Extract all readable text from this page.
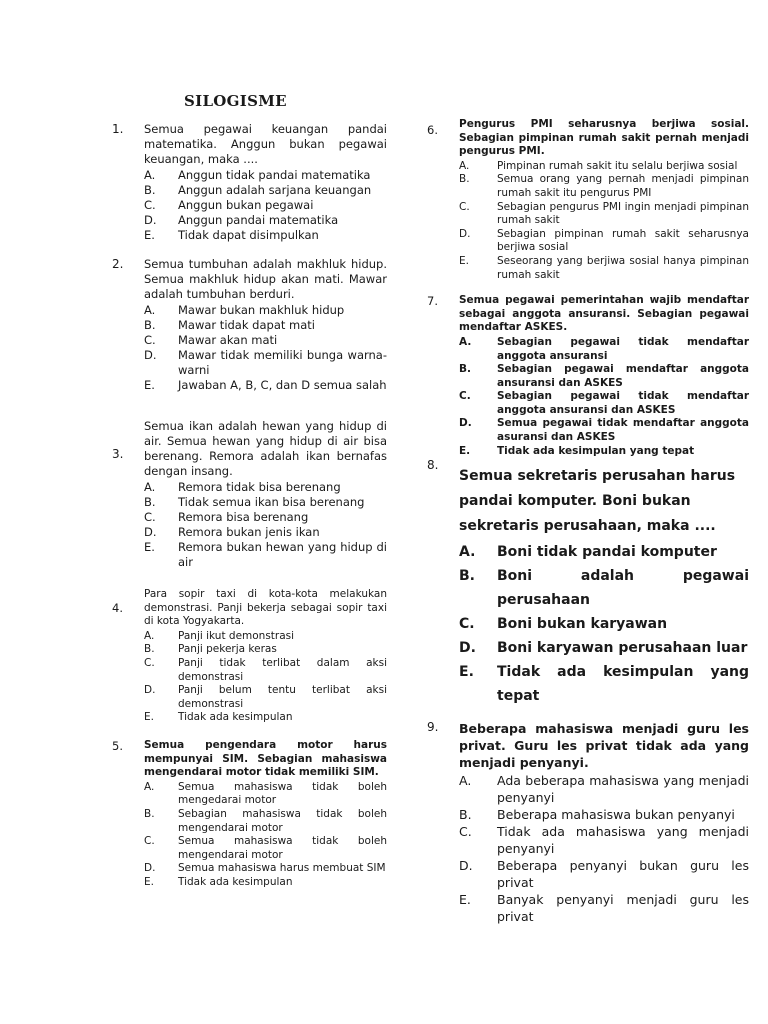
SILOGISME
1. Semua pegawai keuangan pandai matematika. Anggun bukan pegawai keuangan, maka ....
A. Anggun tidak pandai matematika
B. Anggun adalah sarjana keuangan
C. Anggun bukan pegawai
D. Anggun pandai matematika
E. Tidak dapat disimpulkan
2. Semua tumbuhan adalah makhluk hidup. Semua makhluk hidup akan mati. Mawar adalah tumbuhan berduri.
A. Mawar bukan makhluk hidup
B. Mawar tidak dapat mati
C. Mawar akan mati
D. Mawar tidak memiliki bunga warna-warni
E. Jawaban A, B, C, dan D semua salah
3.
Semua ikan adalah hewan yang hidup di air. Semua hewan yang hidup di air bisa berenang. Remora adalah ikan bernafas dengan insang.
A. Remora tidak bisa berenang
B. Tidak semua ikan bisa berenang
C. Remora bisa berenang
D. Remora bukan jenis ikan
E. Remora bukan hewan yang hidup di air
4.
Para sopir taxi di kota-kota melakukan demonstrasi. Panji bekerja sebagai sopir taxi di kota Yogyakarta.
A. Panji ikut demonstrasi
B. Panji pekerja keras
C. Panji tidak terlibat dalam aksi demonstrasi
D. Panji belum tentu terlibat aksi demonstrasi
E. Tidak ada kesimpulan
5. Semua pengendara motor harus mempunyai SIM. Sebagian mahasiswa mengendarai motor tidak memiliki SIM.
A. Semua mahasiswa tidak boleh mengedarai motor
B. Sebagian mahasiswa tidak boleh mengendarai motor
C. Semua mahasiswa tidak boleh mengendarai motor
D. Semua mahasiswa harus membuat SIM
E. Tidak ada kesimpulan
6. Pengurus PMI seharusnya berjiwa sosial. Sebagian pimpinan rumah sakit pernah menjadi pengurus PMI.
A.	Pimpinan rumah sakit itu selalu berjiwa sosial
B.	Semua orang yang pernah menjadi pimpinan rumah sakit itu pengurus PMI
C.	Sebagian pengurus PMI ingin menjadi pimpinan rumah sakit
D.	Sebagian pimpinan rumah sakit seharusnya berjiwa sosial
E.	Seseorang yang berjiwa sosial hanya pimpinan rumah sakit
7. Semua pegawai pemerintahan wajib mendaftar sebagai anggota ansuransi. Sebagian pegawai mendaftar ASKES.
A. Sebagian pegawai tidak mendaftar anggota ansuransi
B. Sebagian pegawai mendaftar anggota ansuransi dan ASKES
C.	Sebagian pegawai tidak mendaftar anggota ansuransi dan ASKES
D. Semua pegawai tidak mendaftar anggota asuransi dan ASKES
E.	Tidak ada kesimpulan yang tepat
8.
Semua sekretaris perusahan harus pandai komputer. Boni bukan sekretaris perusahaan, maka ....
A. Boni tidak pandai komputer
B. Boni adalah pegawai perusahaan
C. Boni bukan karyawan
D. Boni karyawan perusahaan luar
E. Tidak ada kesimpulan yang tepat
9. Beberapa mahasiswa menjadi guru les privat. Guru les privat tidak ada yang menjadi penyanyi.
A. Ada beberapa mahasiswa yang menjadi penyanyi
B. Beberapa mahasiswa bukan penyanyi
C. Tidak ada mahasiswa yang menjadi penyanyi
D. Beberapa penyanyi bukan guru les privat
E. Banyak penyanyi menjadi guru les privat
